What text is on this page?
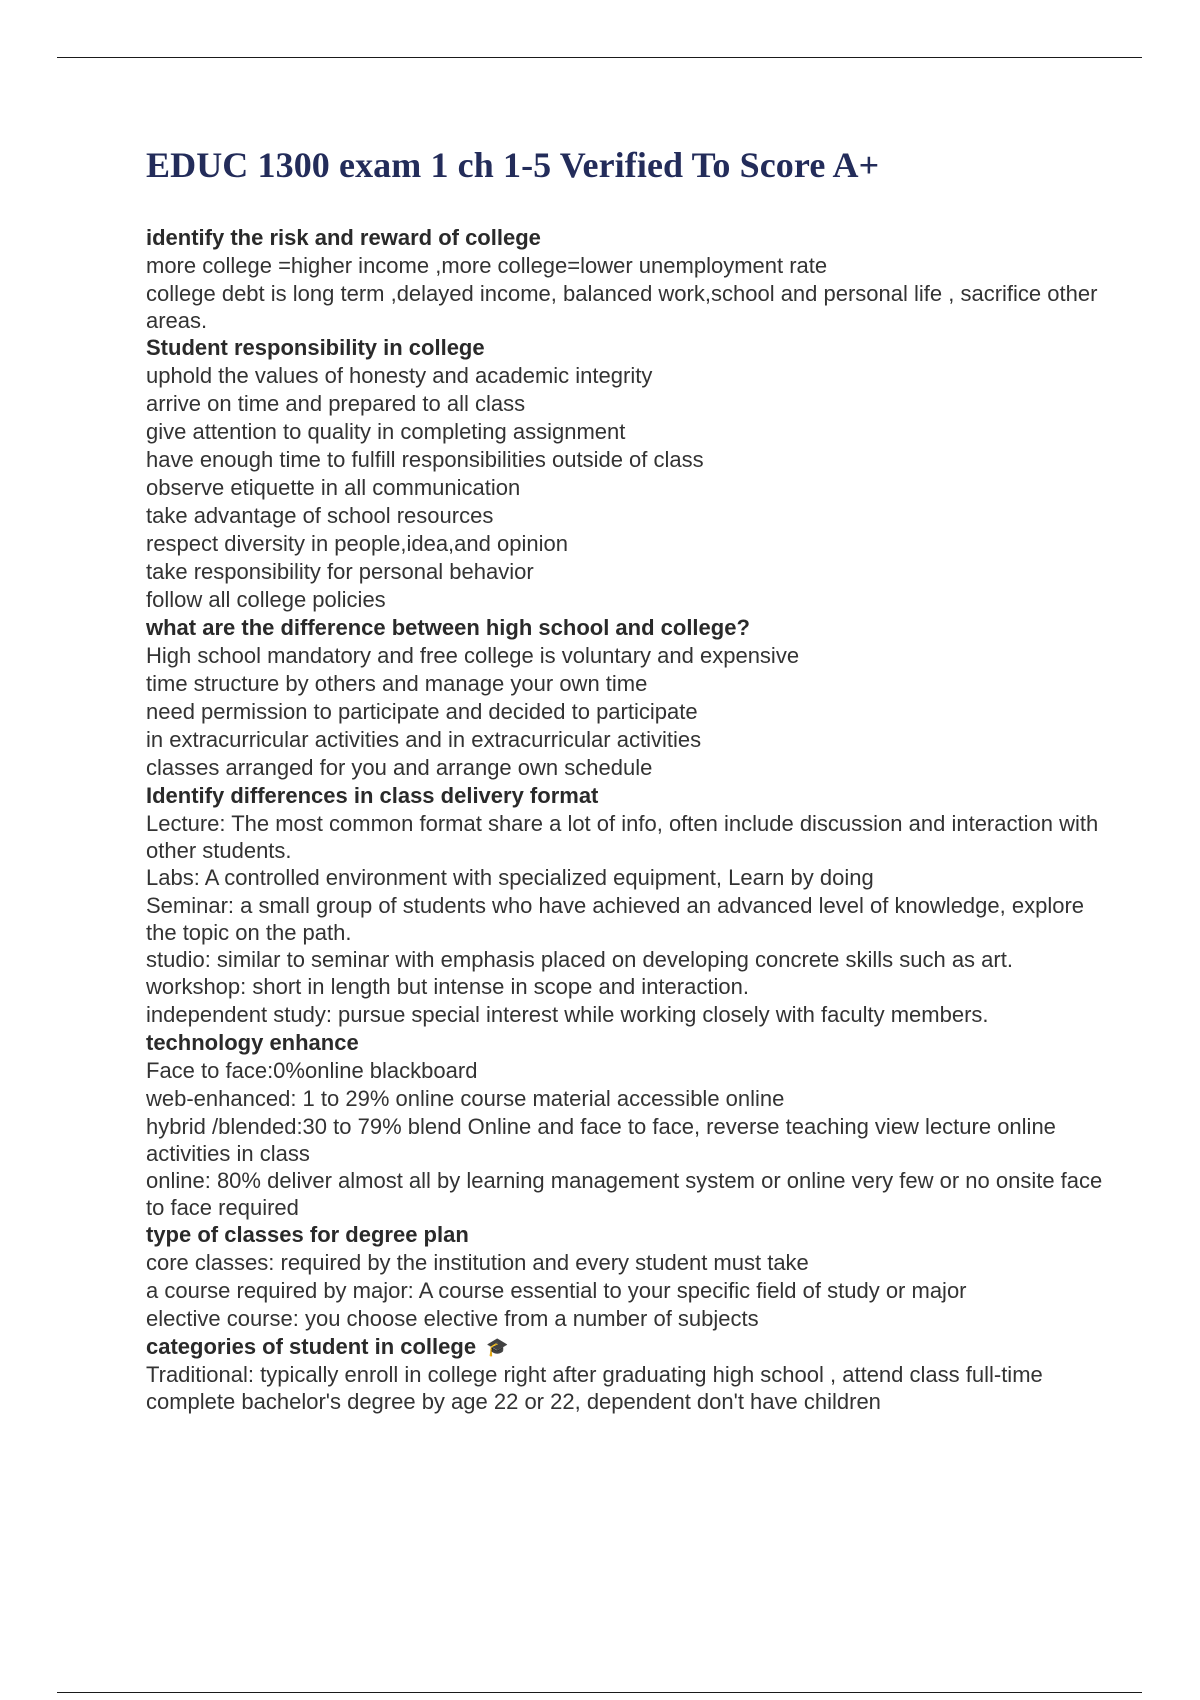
EDUC 1300 exam 1 ch 1-5 Verified To Score A+
identify the risk and reward of college
more college =higher income ,more college=lower unemployment rate
college debt is long term ,delayed income, balanced work,school and personal life , sacrifice other areas.
Student responsibility in college
uphold the values of honesty and academic integrity
arrive on time and prepared to all class
give attention to quality in completing assignment
have enough time to fulfill responsibilities outside of class
observe etiquette in all communication
take advantage of school resources
respect diversity in people,idea,and opinion
take responsibility for personal behavior
follow all college policies
what are the difference between high school and college?
High school mandatory and free college is voluntary and expensive
time structure by others and manage your own time
need permission to participate and decided to participate
in extracurricular activities and in extracurricular activities
classes arranged for you and arrange own schedule
Identify differences in class delivery format
Lecture: The most common format share a lot of info, often include discussion and interaction with other students.
Labs: A controlled environment with specialized equipment, Learn by doing
Seminar: a small group of students who have achieved an advanced level of knowledge, explore the topic on the path.
studio: similar to seminar with emphasis placed on developing concrete skills such as art.
workshop: short in length but intense in scope and interaction.
independent study: pursue special interest while working closely with faculty members.
technology enhance
Face to face:0%online blackboard
web-enhanced: 1 to 29% online course material accessible online
hybrid /blended:30 to 79% blend Online and face to face, reverse teaching view lecture online activities in class
online: 80% deliver almost all by learning management system or online very few or no onsite face to face required
type of classes for degree plan
core classes: required by the institution and every student must take
a course required by major: A course essential to your specific field of study or major
elective course: you choose elective from a number of subjects
categories of student in college 🎓
Traditional: typically enroll in college right after graduating high school , attend class full-time complete bachelor's degree by age 22 or 22, dependent don't have children
